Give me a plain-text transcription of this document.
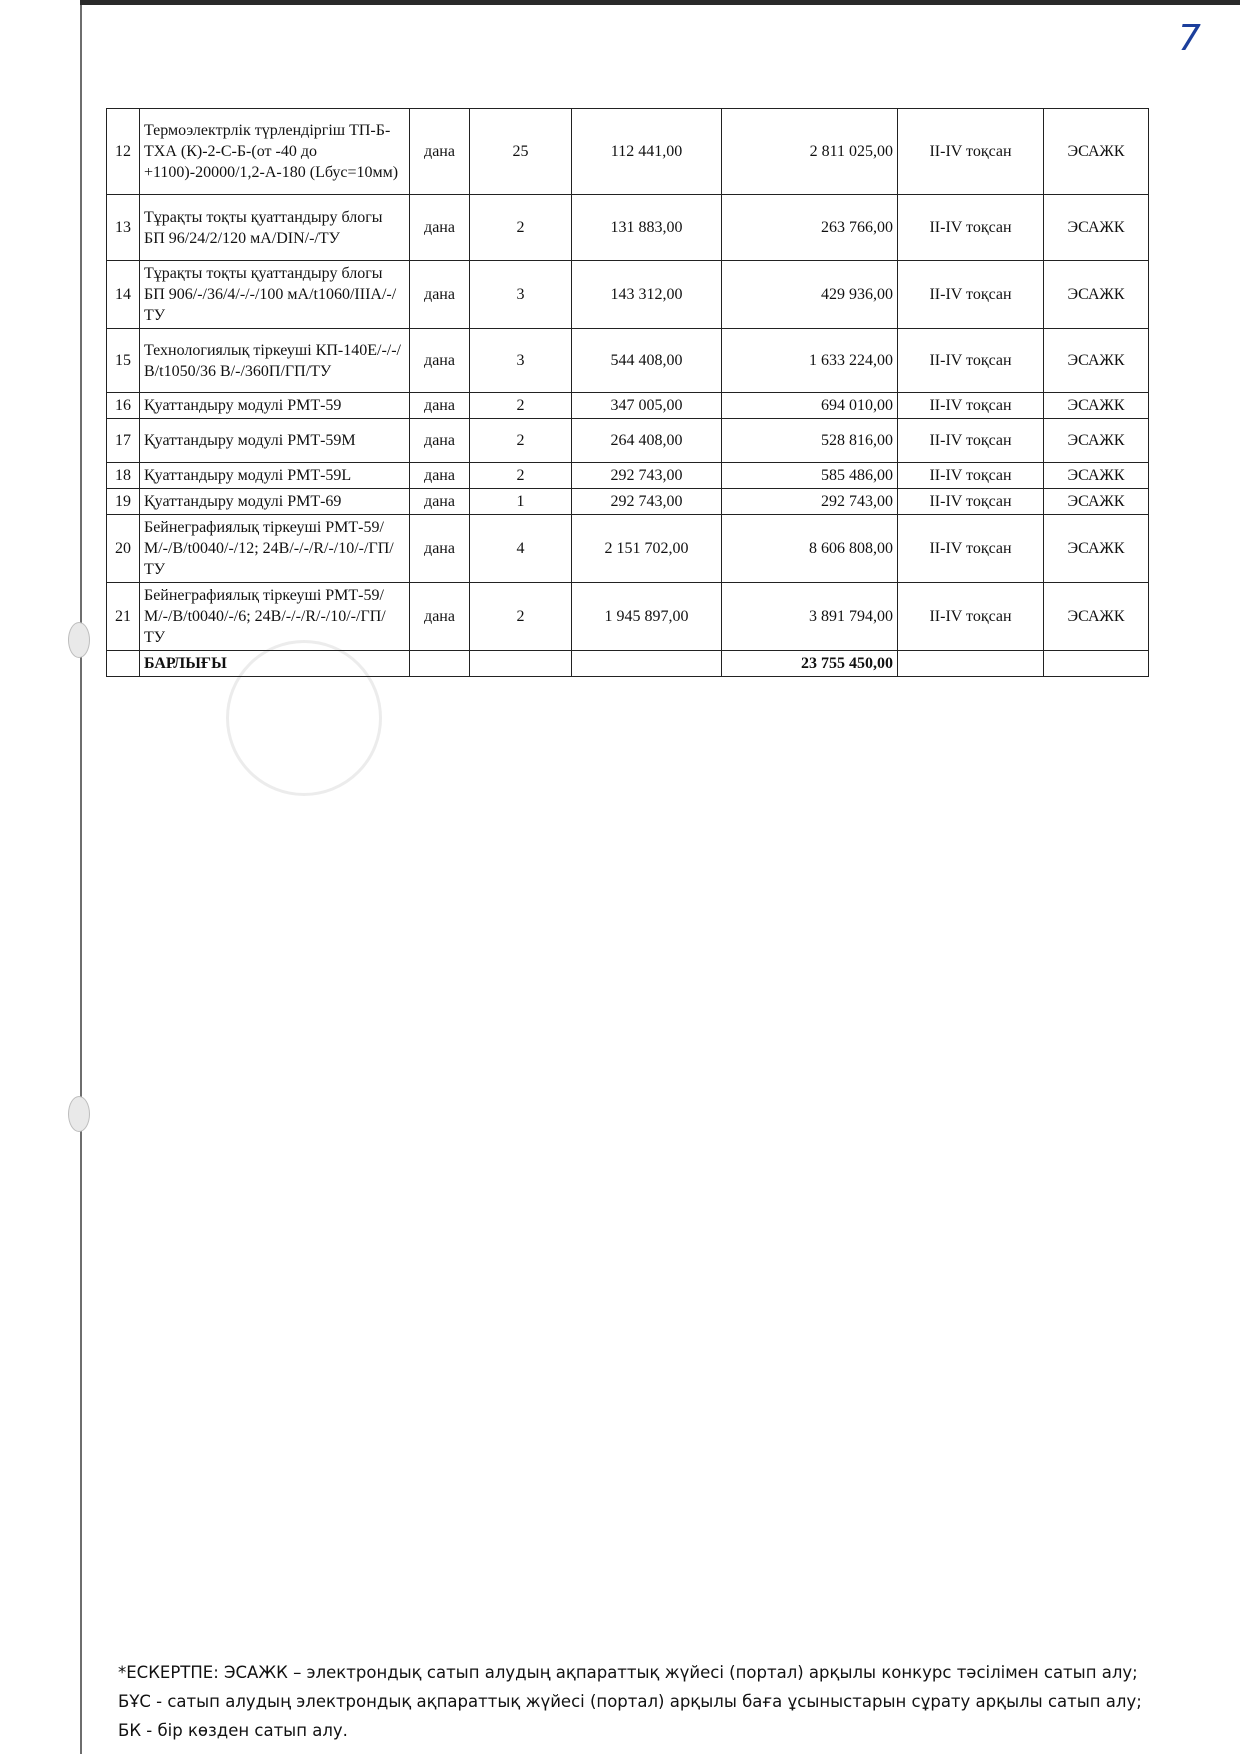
7
12	Термоэлектрлік түрлендіргіш ТП-Б-ТХА (К)-2-С-Б-(от -40 до +1100)-20000/1,2-А-180 (Lбус=10мм)	дана	25	112 441,00	2 811 025,00	II-IV тоқсан	ЭСАЖК
13	Тұрақты тоқты қуаттандыру блогы БП 96/24/2/120 мА/DIN/-/ТУ	дана	2	131 883,00	263 766,00	II-IV тоқсан	ЭСАЖК
14	Тұрақты тоқты қуаттандыру блогы БП 906/-/36/4/-/-/100 мА/t1060/IIIA/-/ТУ	дана	3	143 312,00	429 936,00	II-IV тоқсан	ЭСАЖК
15	Технологиялық тіркеуші КП-140Е/-/-/В/t1050/36 В/-/360П/ГП/ТУ	дана	3	544 408,00	1 633 224,00	II-IV тоқсан	ЭСАЖК
16	Қуаттандыру модулі РМТ-59	дана	2	347 005,00	694 010,00	II-IV тоқсан	ЭСАЖК
17	Қуаттандыру модулі РМТ-59М	дана	2	264 408,00	528 816,00	II-IV тоқсан	ЭСАЖК
18	Қуаттандыру модулі РМТ-59L	дана	2	292 743,00	585 486,00	II-IV тоқсан	ЭСАЖК
19	Қуаттандыру модулі РМТ-69	дана	1	292 743,00	292 743,00	II-IV тоқсан	ЭСАЖК
20	Бейнеграфиялық тіркеуші РМТ-59/М/-/В/t0040/-/12; 24В/-/-/R/-/10/-/ГП/ТУ	дана	4	2 151 702,00	8 606 808,00	II-IV тоқсан	ЭСАЖК
21	Бейнеграфиялық тіркеуші РМТ-59/М/-/В/t0040/-/6; 24В/-/-/R/-/10/-/ГП/ТУ	дана	2	1 945 897,00	3 891 794,00	II-IV тоқсан	ЭСАЖК
	БАРЛЫҒЫ				23 755 450,00		
*ЕСКЕРТПЕ: ЭСАЖК – электрондық сатып алудың ақпараттық жүйесі (портал) арқылы конкурс тәсілімен сатып алу;
БҰС - сатып алудың электрондық ақпараттық жүйесі (портал) арқылы баға ұсыныстарын сұрату арқылы сатып алу;
БК - бір көзден сатып алу.
